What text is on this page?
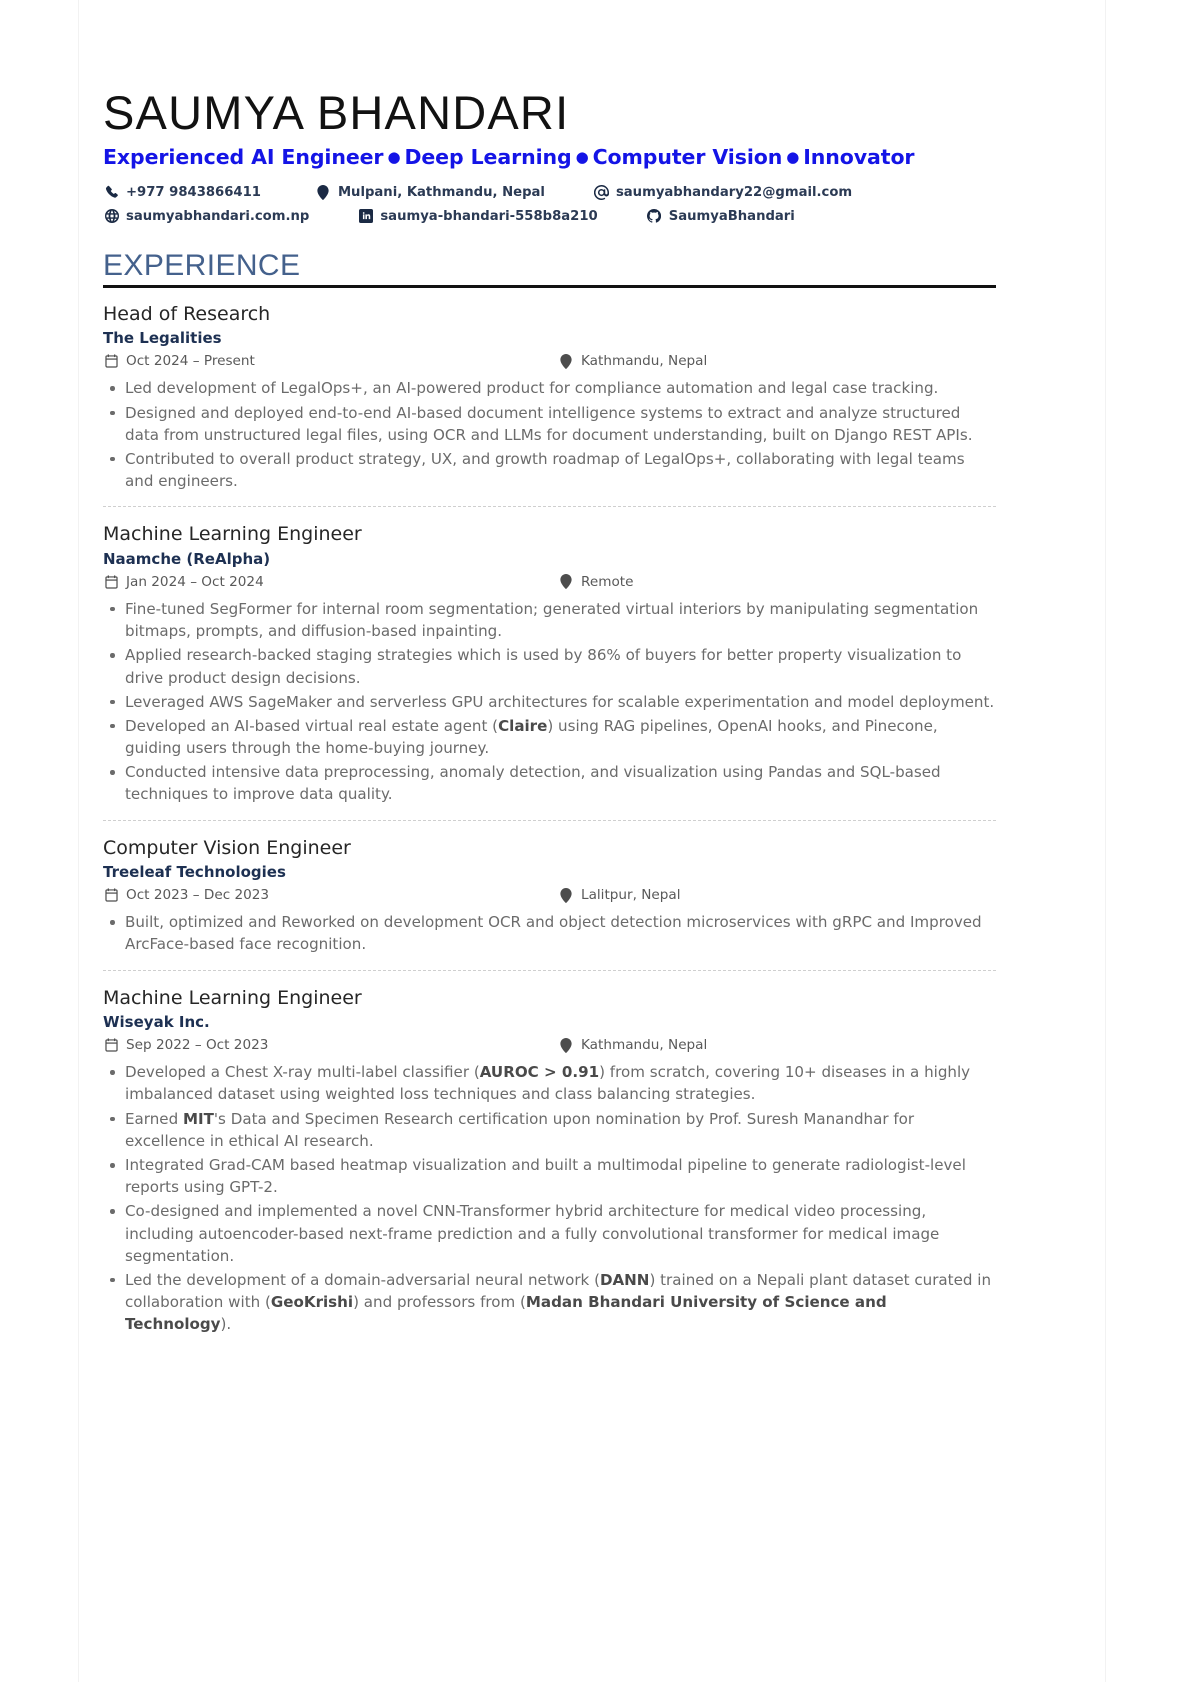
SAUMYA BHANDARI
Experienced AI Engineer ● Deep Learning ● Computer Vision ● Innovator
+977 9843866411	Mulpani, Kathmandu, Nepal	saumyabhandary22@gmail.com
saumyabhandari.com.np	saumya-bhandari-558b8a210	SaumyaBhandari
EXPERIENCE
Head of Research
The Legalities
Oct 2024 – Present	Kathmandu, Nepal
Led development of LegalOps+, an AI-powered product for compliance automation and legal case tracking.
Designed and deployed end-to-end AI-based document intelligence systems to extract and analyze structured data from unstructured legal files, using OCR and LLMs for document understanding, built on Django REST APIs.
Contributed to overall product strategy, UX, and growth roadmap of LegalOps+, collaborating with legal teams and engineers.
Machine Learning Engineer
Naamche (ReAlpha)
Jan 2024 – Oct 2024	Remote
Fine-tuned SegFormer for internal room segmentation; generated virtual interiors by manipulating segmentation bitmaps, prompts, and diffusion-based inpainting.
Applied research-backed staging strategies which is used by 86% of buyers for better property visualization to drive product design decisions.
Leveraged AWS SageMaker and serverless GPU architectures for scalable experimentation and model deployment.
Developed an AI-based virtual real estate agent (Claire) using RAG pipelines, OpenAI hooks, and Pinecone, guiding users through the home-buying journey.
Conducted intensive data preprocessing, anomaly detection, and visualization using Pandas and SQL-based techniques to improve data quality.
Computer Vision Engineer
Treeleaf Technologies
Oct 2023 – Dec 2023	Lalitpur, Nepal
Built, optimized and Reworked on development OCR and object detection microservices with gRPC and Improved ArcFace-based face recognition.
Machine Learning Engineer
Wiseyak Inc.
Sep 2022 – Oct 2023	Kathmandu, Nepal
Developed a Chest X-ray multi-label classifier (AUROC > 0.91) from scratch, covering 10+ diseases in a highly imbalanced dataset using weighted loss techniques and class balancing strategies.
Earned MIT's Data and Specimen Research certification upon nomination by Prof. Suresh Manandhar for excellence in ethical AI research.
Integrated Grad-CAM based heatmap visualization and built a multimodal pipeline to generate radiologist-level reports using GPT-2.
Co-designed and implemented a novel CNN-Transformer hybrid architecture for medical video processing, including autoencoder-based next-frame prediction and a fully convolutional transformer for medical image segmentation.
Led the development of a domain-adversarial neural network (DANN) trained on a Nepali plant dataset curated in collaboration with (GeoKrishi) and professors from (Madan Bhandari University of Science and Technology).
